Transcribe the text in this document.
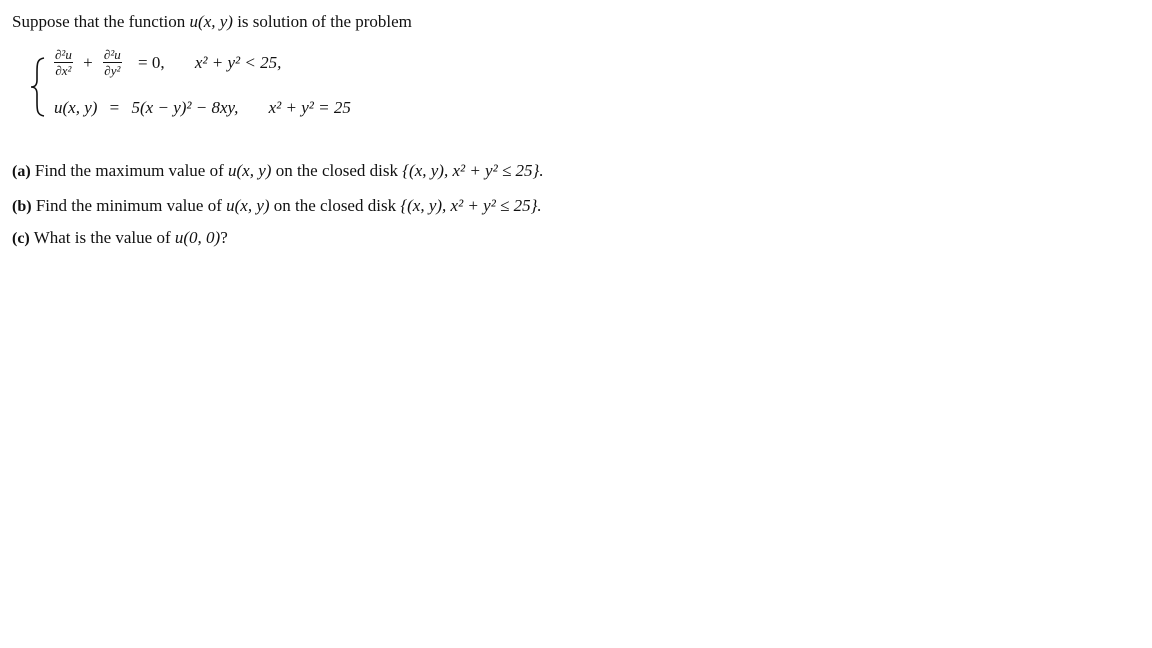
Suppose that the function u(x, y) is solution of the problem
$\frac{\text{∂²u}}{\text{∂x²}} + \frac{\text{∂²u}}{\text{∂y²}} = 0$, x² + y² < 25,
u(x, y) = 5(x − y)² − 8xy, x² + y² = 25
(a) Find the maximum value of u(x, y) on the closed disk {(x, y), x² + y² ≤ 25}.
(b) Find the minimum value of u(x, y) on the closed disk {(x, y), x² + y² ≤ 25}.
(c) What is the value of u(0, 0)?
